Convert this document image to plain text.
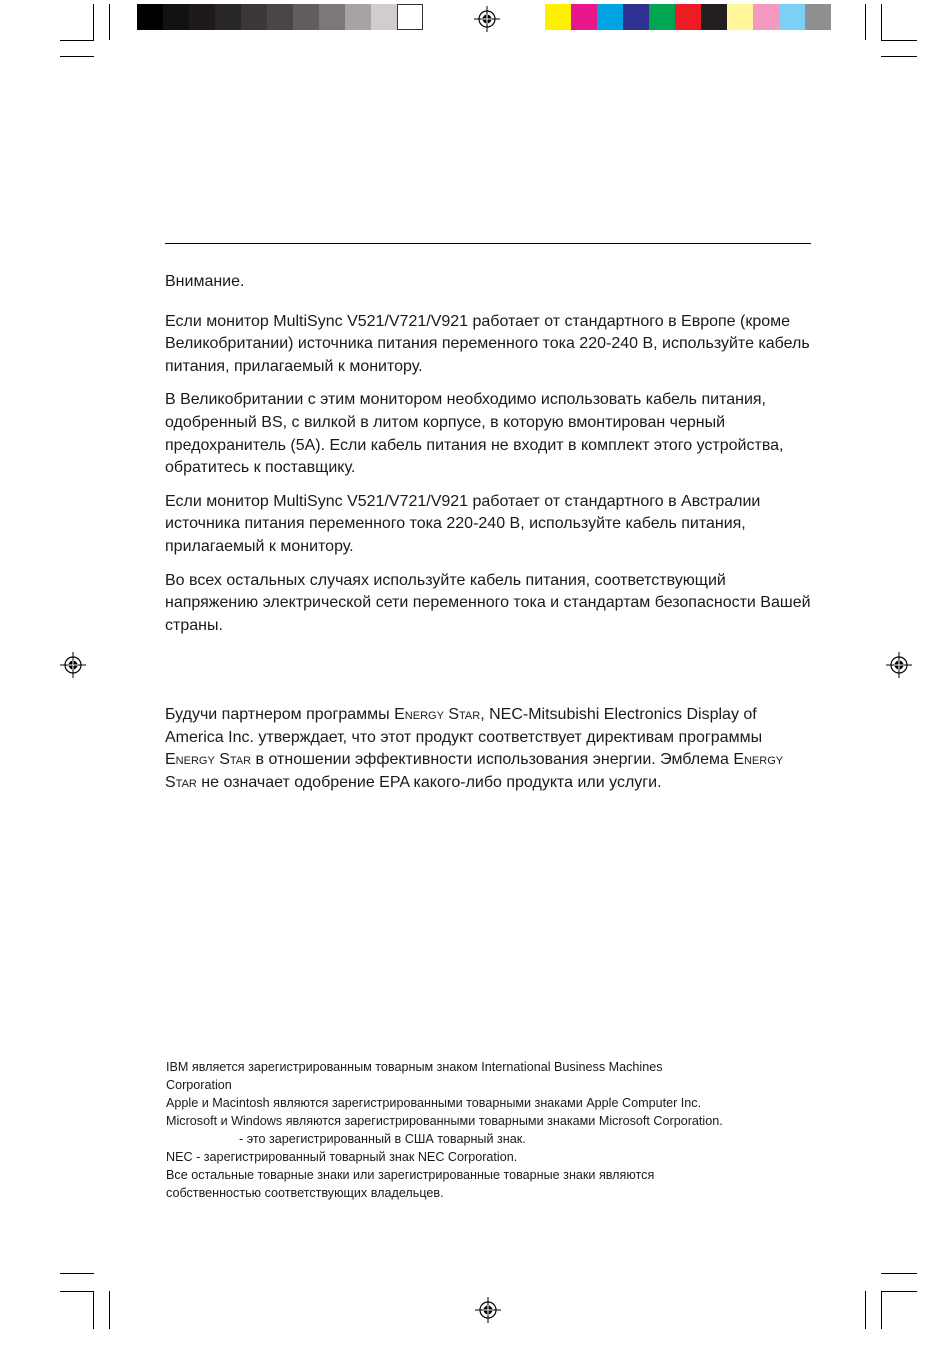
Внимание.

Если монитор MultiSync V521/V721/V921 работает от стандартного в Европе (кроме Великобритании) источника питания переменного тока 220-240 В, используйте кабель питания, прилагаемый к монитору.

В Великобритании с этим монитором необходимо использовать кабель питания, одобренный BS, с вилкой в литом корпусе, в которую вмонтирован черный предохранитель (5А). Если кабель питания не входит в комплект этого устройства, обратитесь к поставщику.

Если монитор MultiSync V521/V721/V921 работает от стандартного в Австралии источника питания переменного тока 220-240 В, используйте кабель питания, прилагаемый к монитору.

Во всех остальных случаях используйте кабель питания, соответствующий напряжению электрической сети переменного тока и стандартам безопасности Вашей страны.

Будучи партнером программы Energy Star, NEC-Mitsubishi Electronics Display of America Inc. утверждает, что этот продукт соответствует директивам программы Energy Star в отношении эффективности использования энергии. Эмблема Energy Star не означает одобрение EPA какого-либо продукта или услуги.

IBM является зарегистрированным товарным знаком International Business Machines
Corporation
Apple и Macintosh являются зарегистрированными товарными знаками Apple Computer Inc.
Microsoft и Windows являются зарегистрированными товарными знаками Microsoft Corporation.
- это зарегистрированный в США товарный знак.
NEC - зарегистрированный товарный знак NEC Corporation.
Все остальные товарные знаки или зарегистрированные товарные знаки являются
собственностью соответствующих владельцев.
